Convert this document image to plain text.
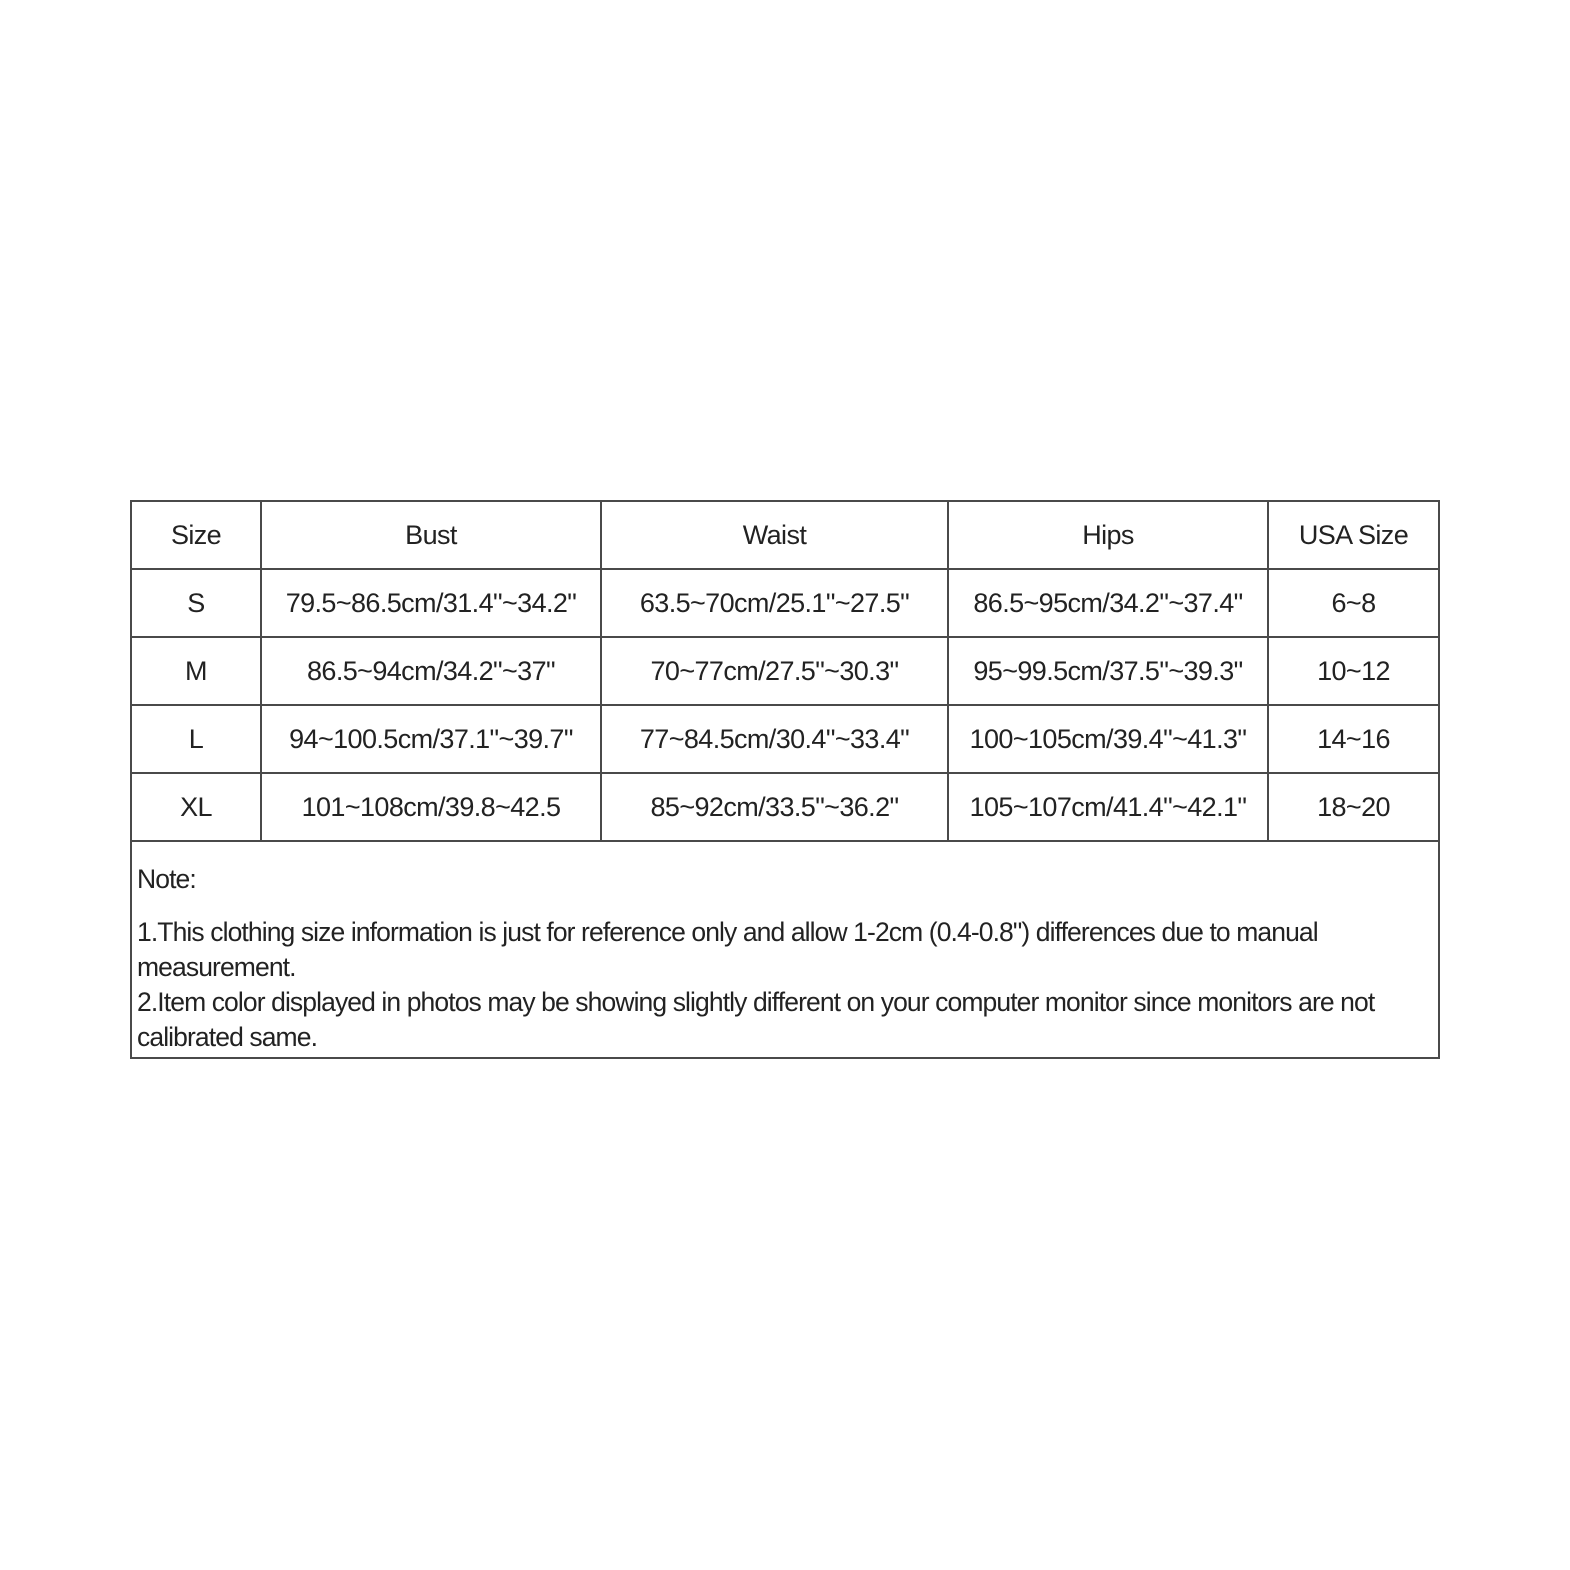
Size	Bust	Waist	Hips	USA Size
S	79.5~86.5cm/31.4"~34.2"	63.5~70cm/25.1"~27.5"	86.5~95cm/34.2"~37.4"	6~8
M	86.5~94cm/34.2"~37"	70~77cm/27.5"~30.3"	95~99.5cm/37.5"~39.3"	10~12
L	94~100.5cm/37.1"~39.7"	77~84.5cm/30.4"~33.4"	100~105cm/39.4"~41.3"	14~16
XL	101~108cm/39.8~42.5	85~92cm/33.5"~36.2"	105~107cm/41.4"~42.1"	18~20

Note:
1.This clothing size information is just for reference only and allow 1-2cm (0.4-0.8") differences due to manual measurement.
2.Item color displayed in photos may be showing slightly different on your computer monitor since monitors are not calibrated same.				
